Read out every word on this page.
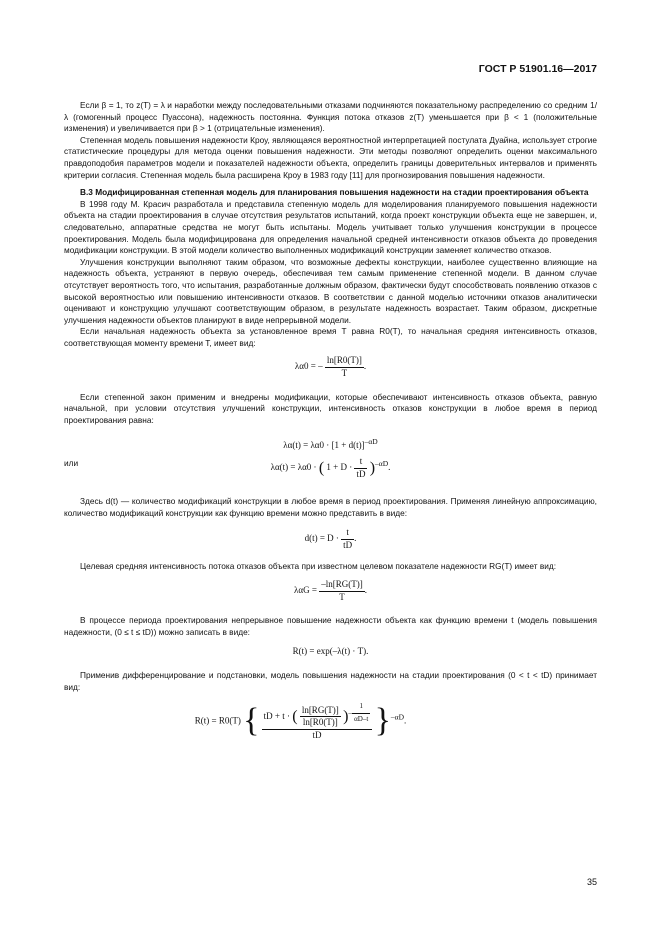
ГОСТ Р 51901.16—2017

Если β = 1, то z(T) = λ и наработки между последовательными отказами подчиняются показательному распределению со средним 1/λ (гомогенный процесс Пуассона), надежность постоянна. Функция потока отказов z(T) уменьшается при β < 1 (положительные изменения) и увеличивается при β > 1 (отрицательные изменения).

Степенная модель повышения надежности Кроу, являющаяся вероятностной интерпретацией постулата Дуайна, использует строгие статистические процедуры для метода оценки повышения надежности. Эти методы позволяют определить оценки максимального правдоподобия параметров модели и показателей надежности объекта, определить границы доверительных интервалов и применять критерии согласия. Степенная модель была расширена Кроу в 1983 году [11] для прогнозирования повышения надежности.

B.3 Модифицированная степенная модель для планирования повышения надежности на стадии проектирования объекта

В 1998 году М. Красич разработала и представила степенную модель для моделирования планируемого повышения надежности объекта на стадии проектирования в случае отсутствия результатов испытаний, когда проект конструкции объекта еще не завершен, и, следовательно, аппаратные средства не могут быть испытаны. Модель учитывает только улучшения конструкции в процессе проектирования. Модель была модифицирована для определения начальной средней интенсивности отказов объекта до проведения модификации конструкции. В этой модели количество выполненных модификаций конструкции заменяет количество отказов.

Улучшения конструкции выполняют таким образом, что возможные дефекты конструкции, наиболее существенно влияющие на надежность объекта, устраняют в первую очередь, обеспечивая тем самым применение степенной модели. В данном случае отсутствует вероятность того, что испытания, разработанные должным образом, фактически будут способствовать появлению отказов с высокой вероятностью или повышению интенсивности отказов. В соответствии с данной моделью источники отказов аналитически оценивают и конструкцию улучшают соответствующим образом, в результате надежность возрастает. Таким образом, дискретные улучшения надежности объектов планируют в виде непрерывной модели.

Если начальная надежность объекта за установленное время T равна R0(T), то начальная средняя интенсивность отказов, соответствующая моменту времени T, имеет вид:

λα0 = – $\frac{\ln[R0(T)]}{T}$ .

Если степенной закон применим и внедрены модификации, которые обеспечивают интенсивность отказов объекта, равную начальной, при условии отсутствия улучшений конструкции, интенсивность отказов конструкции в любое время в период проектирования равна:

$\lambda\alpha(t) = \lambda\alpha 0 \cdot [1 + d(t)]^{-\alpha D}$
или	λα(t) = λα0 · ( $1 + D \cdot \frac{t}{tD} )^{-\alpha D}$.

Здесь d(t) — количество модификаций конструкции в любое время в период проектирования. Применяя линейную аппроксимацию, количество модификаций конструкции как функцию времени можно представить в виде:

$d(t) = D \cdot \frac{t}{tD}$ .

Целевая средняя интенсивность потока отказов объекта при известном целевом показателе надежности RG(T) имеет вид:

$\lambda\alpha G = \frac{-\ln[RG(T)]}{T}$ .

В процессе периода проектирования непрерывное повышение надежности объекта как функцию времени t (модель повышения надежности, (0 ≤ t ≤ tD)) можно записать в виде:

R(t) = exp(–λ(t) · T).

Применив дифференцирование и подстановки, модель повышения надежности на стадии проектирования (0 < t < tD) принимает вид:

R(t) = R0(T) { tD + t · ( $\frac{\ln[RG(T)]}{\ln[R0(T)]} )^{- \frac{1}{\alpha D-t}}$
tD	}$^{-\alpha D}$.
35
